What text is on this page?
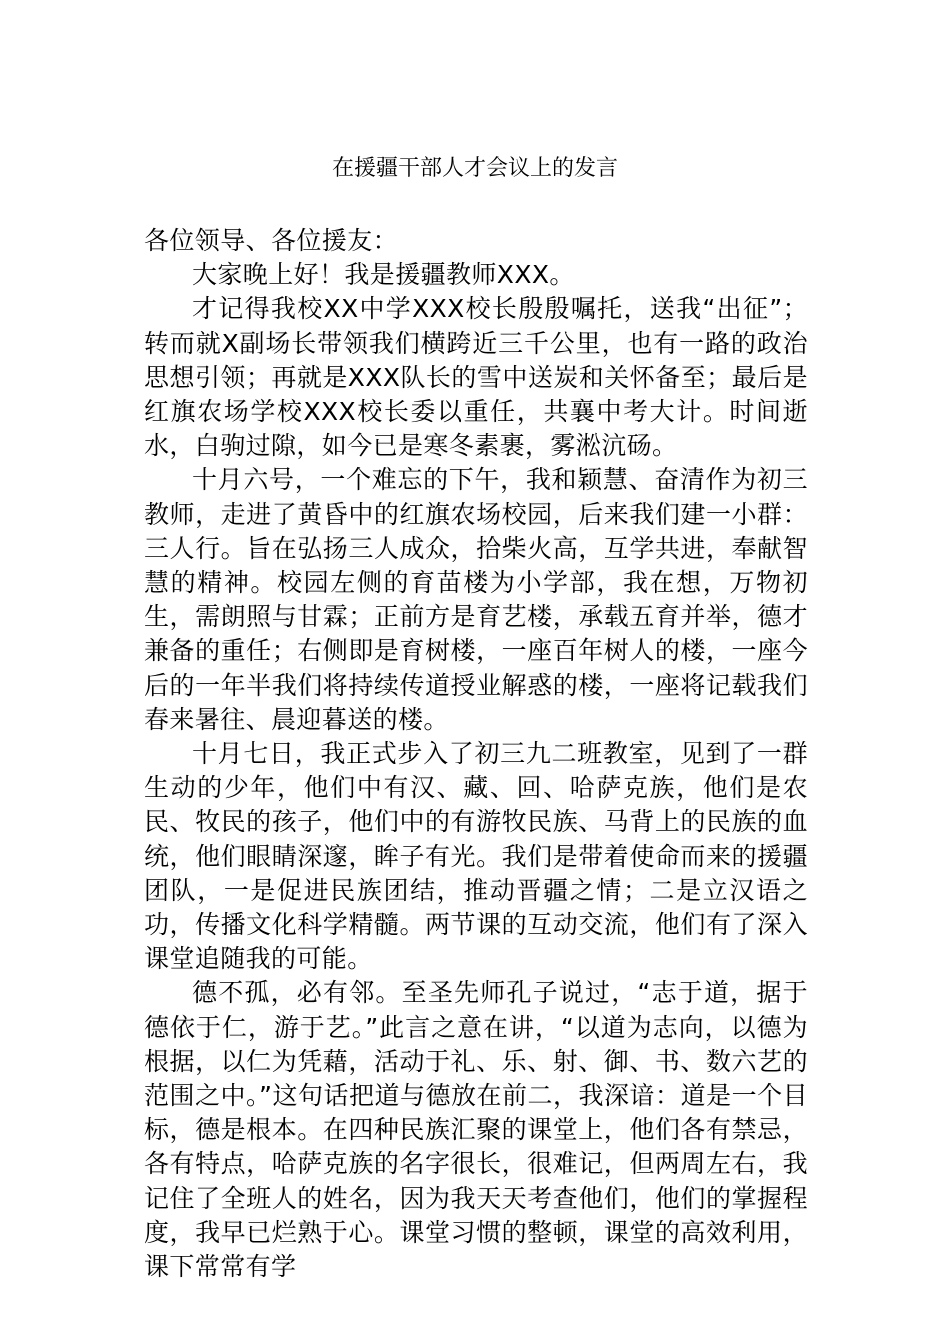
在援疆干部人才会议上的发言

各位领导、各位援友：

大家晚上好！我是援疆教师XXX。

才记得我校XX中学XXX校长殷殷嘱托，送我“出征”；转而就X副场长带领我们横跨近三千公里，也有一路的政治思想引领；再就是XXX队长的雪中送炭和关怀备至；最后是红旗农场学校XXX校长委以重任，共襄中考大计。时间逝水，白驹过隙，如今已是寒冬素裹，雾淞沆砀。

十月六号，一个难忘的下午，我和颖慧、奋清作为初三教师，走进了黄昏中的红旗农场校园，后来我们建一小群：三人行。旨在弘扬三人成众，拾柴火高，互学共进，奉献智慧的精神。校园左侧的育苗楼为小学部，我在想，万物初生，需朗照与甘霖；正前方是育艺楼，承载五育并举，德才兼备的重任；右侧即是育树楼，一座百年树人的楼，一座今后的一年半我们将持续传道授业解惑的楼，一座将记载我们春来暑往、晨迎暮送的楼。

十月七日，我正式步入了初三九二班教室，见到了一群生动的少年，他们中有汉、藏、回、哈萨克族，他们是农民、牧民的孩子，他们中的有游牧民族、马背上的民族的血统，他们眼睛深邃，眸子有光。我们是带着使命而来的援疆团队，一是促进民族团结，推动晋疆之情；二是立汉语之功，传播文化科学精髓。两节课的互动交流，他们有了深入课堂追随我的可能。

德不孤，必有邻。至圣先师孔子说过，“志于道，据于德依于仁，游于艺。”此言之意在讲，“以道为志向，以德为根据，以仁为凭藉，活动于礼、乐、射、御、书、数六艺的范围之中。”这句话把道与德放在前二，我深谙：道是一个目标，德是根本。在四种民族汇聚的课堂上，他们各有禁忌，各有特点，哈萨克族的名字很长，很难记，但两周左右，我记住了全班人的姓名，因为我天天考查他们，他们的掌握程度，我早已烂熟于心。课堂习惯的整顿，课堂的高效利用，课下常常有学
